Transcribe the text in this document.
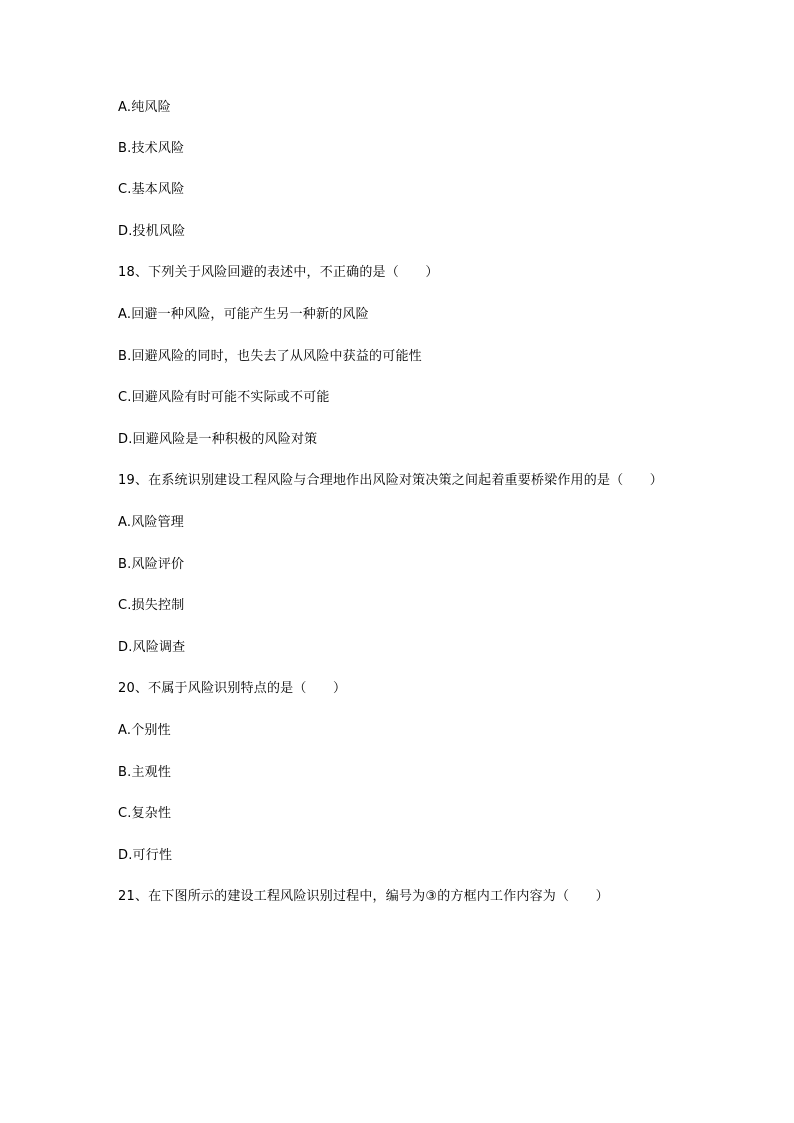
A.纯风险
B.技术风险
C.基本风险
D.投机风险
18、下列关于风险回避的表述中，不正确的是（　　）
A.回避一种风险，可能产生另一种新的风险
B.回避风险的同时，也失去了从风险中获益的可能性
C.回避风险有时可能不实际或不可能
D.回避风险是一种积极的风险对策
19、在系统识别建设工程风险与合理地作出风险对策决策之间起着重要桥梁作用的是（　　）
A.风险管理
B.风险评价
C.损失控制
D.风险调查
20、不属于风险识别特点的是（　　）
A.个别性
B.主观性
C.复杂性
D.可行性
21、在下图所示的建设工程风险识别过程中，编号为③的方框内工作内容为（　　）
